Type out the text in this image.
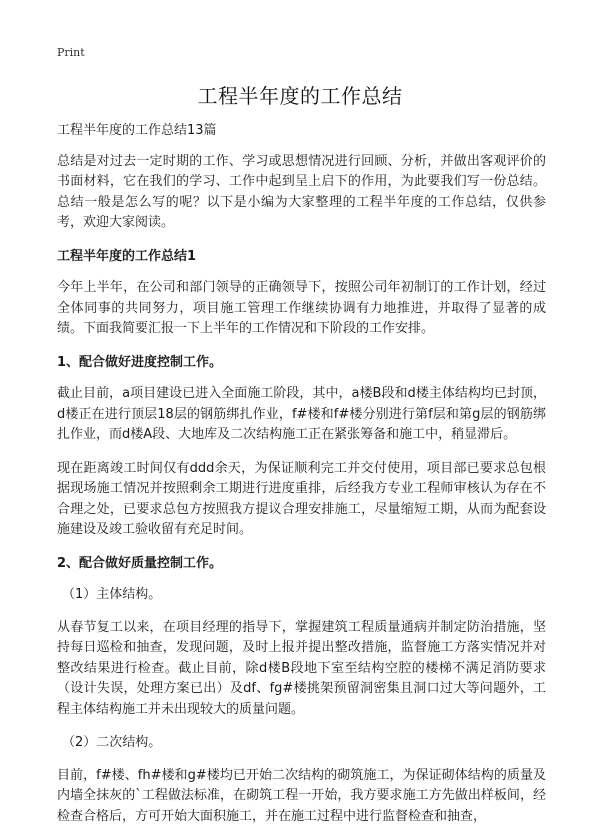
Print
工程半年度的工作总结

工程半年度的工作总结13篇

总结是对过去一定时期的工作、学习或思想情况进行回顾、分析，并做出客观评价的书面材料，它在我们的学习、工作中起到呈上启下的作用，为此要我们写一份总结。总结一般是怎么写的呢？以下是小编为大家整理的工程半年度的工作总结，仅供参考，欢迎大家阅读。

工程半年度的工作总结1

今年上半年，在公司和部门领导的正确领导下，按照公司年初制订的工作计划，经过全体同事的共同努力，项目施工管理工作继续协调有力地推进，并取得了显著的成绩。下面我简要汇报一下上半年的工作情况和下阶段的工作安排。

1、配合做好进度控制工作。

截止目前，a项目建设已进入全面施工阶段，其中，a楼B段和d楼主体结构均已封顶，d楼正在进行顶层18层的钢筋绑扎作业，f#楼和f#楼分别进行第f层和第g层的钢筋绑扎作业，而d楼A段、大地库及二次结构施工正在紧张筹备和施工中，稍显滞后。

现在距离竣工时间仅有ddd余天，为保证顺利完工并交付使用，项目部已要求总包根据现场施工情况并按照剩余工期进行进度重排，后经我方专业工程师审核认为存在不合理之处，已要求总包方按照我方提议合理安排施工，尽量缩短工期，从而为配套设施建设及竣工验收留有充足时间。

2、配合做好质量控制工作。

（1）主体结构。

从春节复工以来，在项目经理的指导下，掌握建筑工程质量通病并制定防治措施，坚持每日巡检和抽查，发现问题，及时上报并提出整改措施，监督施工方落实情况并对整改结果进行检查。截止目前，除d楼B段地下室至结构空腔的楼梯不满足消防要求（设计失误，处理方案已出）及df、fg#楼挑架预留洞密集且洞口过大等问题外，工程主体结构施工并未出现较大的质量问题。

（2）二次结构。

目前，f#楼、fh#楼和g#楼均已开始二次结构的砌筑施工，为保证砌体结构的质量及内墙全抹灰的`工程做法标准，在砌筑工程一开始，我方要求施工方先做出样板间，经检查合格后，方可开始大面积施工，并在施工过程中进行监督检查和抽查，
